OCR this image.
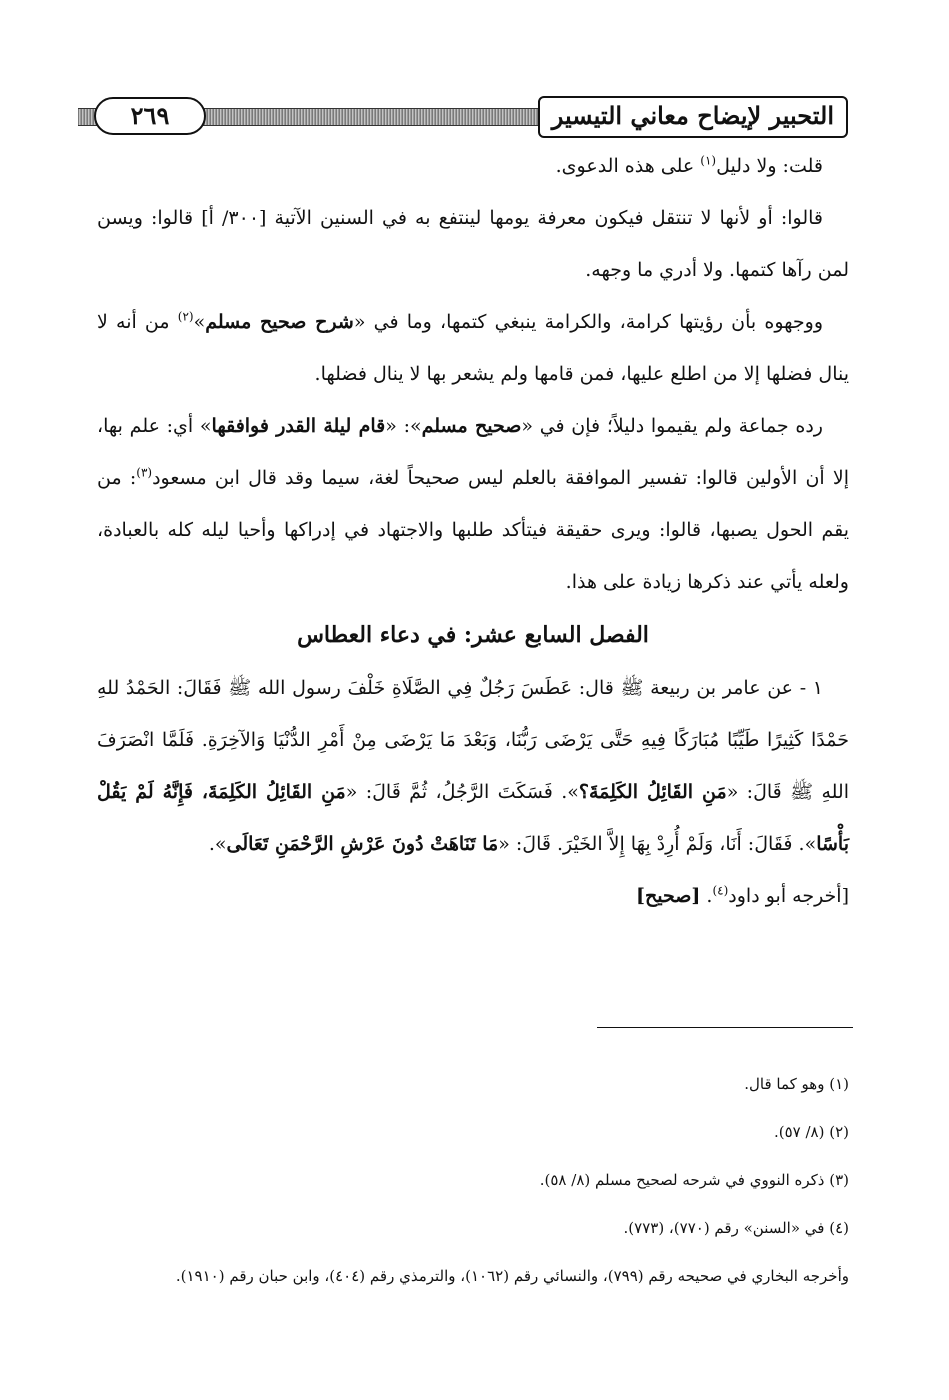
التحبير لإيضاح معاني التيسير
٢٦٩

قلت: ولا دليل$^{(١)}$ على هذه الدعوى.

قالوا: أو لأنها لا تنتقل فيكون معرفة يومها لينتفع به في السنين الآتية [٣٠٠/ أ] قالوا: ويسن لمن رآها كتمها. ولا أدري ما وجهه.

ووجهوه بأن رؤيتها كرامة، والكرامة ينبغي كتمها، وما في «شرح صحيح مسلم»$^{(٢)}$ من أنه لا ينال فضلها إلا من اطلع عليها، فمن قامها ولم يشعر بها لا ينال فضلها.

رده جماعة ولم يقيموا دليلاً؛ فإن في «صحيح مسلم»: «قام ليلة القدر فوافقها» أي: علم بها، إلا أن الأولين قالوا: تفسير الموافقة بالعلم ليس صحيحاً لغة، سيما وقد قال ابن مسعود$^{(٣)}$: من يقم الحول يصبها، قالوا: ويرى حقيقة فيتأكد طلبها والاجتهاد في إدراكها وأحيا ليله كله بالعبادة، ولعله يأتي عند ذكرها زيادة على هذا.

الفصل السابع عشر: في دعاء العطاس

١ - عن عامر بن ربيعة ﷺ قال: عَطَسَ رَجُلٌ فِي الصَّلَاةِ خَلْفَ رسول الله ﷺ فَقَالَ: الحَمْدُ للهِ حَمْدًا كَثِيرًا طَيِّبًا مُبَارَكًا فِيهِ حَتَّى يَرْضَى رَبُّنَا، وَبَعْدَ مَا يَرْضَى مِنْ أَمْرِ الدُّنْيَا وَالآخِرَةِ. فَلَمَّا انْصَرَفَ اللهِ ﷺ قَالَ: «مَنِ القَائِلُ الكَلِمَةَ؟». فَسَكَتَ الرَّجُلُ، ثُمَّ قَالَ: «مَنِ القَائِلُ الكَلِمَةَ، فَإِنَّهُ لَمْ يَقُلْ بَأْسًا». فَقَالَ: أَنَا، وَلَمْ أُرِدْ بِهَا إِلاَّ الخَيْرَ. قَالَ: «مَا تَنَاهَتْ دُونَ عَرْشِ الرَّحْمَنِ تَعَالَى».

[أخرجه أبو داود$^{(٤)}$. [صحيح]

(١) وهو كما قال.

(٢) (٨/ ٥٧).

(٣) ذكره النووي في شرحه لصحيح مسلم (٨/ ٥٨).

(٤) في «السنن» رقم (٧٧٠)، (٧٧٣).

وأخرجه البخاري في صحيحه رقم (٧٩٩)، والنسائي رقم (١٠٦٢)، والترمذي رقم (٤٠٤)، وابن حبان رقم (١٩١٠).
